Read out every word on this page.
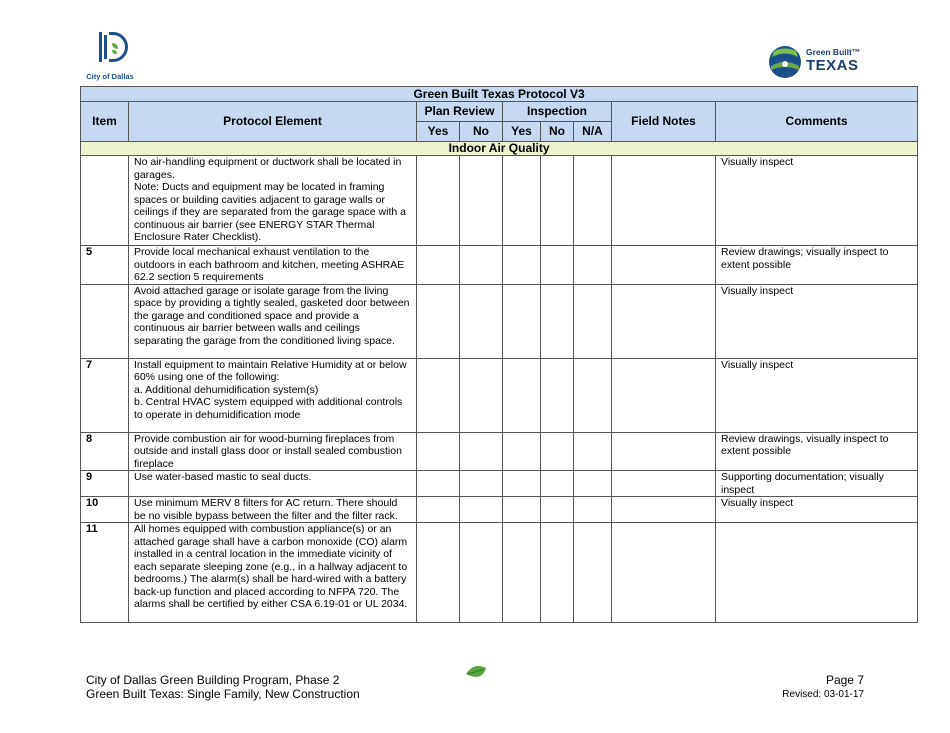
City of Dallas
Green Built™
TEXAS
Green Built Texas Protocol V3								
Item	Protocol Element	Plan Review		Inspection			Field Notes	Comments
		Yes	No	Yes	No	N/A		
Indoor Air Quality								
	No air-handling equipment or ductwork shall be located in garages.
Note: Ducts and equipment may be located in framing spaces or building cavities adjacent to garage walls or ceilings if they are separated from the garage space with a continuous air barrier (see ENERGY STAR Thermal Enclosure Rater Checklist).							Visually inspect
5	Provide local mechanical exhaust ventilation to the outdoors in each bathroom and kitchen, meeting ASHRAE 62.2 section 5 requirements							Review drawings; visually inspect to extent possible
	Avoid attached garage or isolate garage from the living space by providing a tightly sealed, gasketed door between the garage and conditioned space and provide a continuous air barrier between walls and ceilings separating the garage from the conditioned living space.							Visually inspect
7	Install equipment to maintain Relative Humidity at or below 60% using one of the following:
a. Additional dehumidification system(s)
b. Central HVAC system equipped with additional controls to operate in dehumidification mode							Visually inspect
8	Provide combustion air for wood-burning fireplaces from outside and install glass door or install sealed combustion fireplace							Review drawings, visually inspect to extent possible
9	Use water-based mastic to seal ducts.							Supporting documentation; visually inspect
10	Use minimum MERV 8 filters for AC return. There should be no visible bypass between the filter and the filter rack.							Visually inspect
11	All homes equipped with combustion appliance(s) or an attached garage shall have a carbon monoxide (CO) alarm installed in a central location in the immediate vicinity of each separate sleeping zone (e.g., in a hallway adjacent to bedrooms.) The alarm(s) shall be hard-wired with a battery back-up function and placed according to NFPA 720. The alarms shall be certified by either CSA 6.19-01 or UL 2034.							
City of Dallas Green Building Program, Phase 2
Green Built Texas: Single Family, New Construction
Page 7
Revised: 03-01-17
